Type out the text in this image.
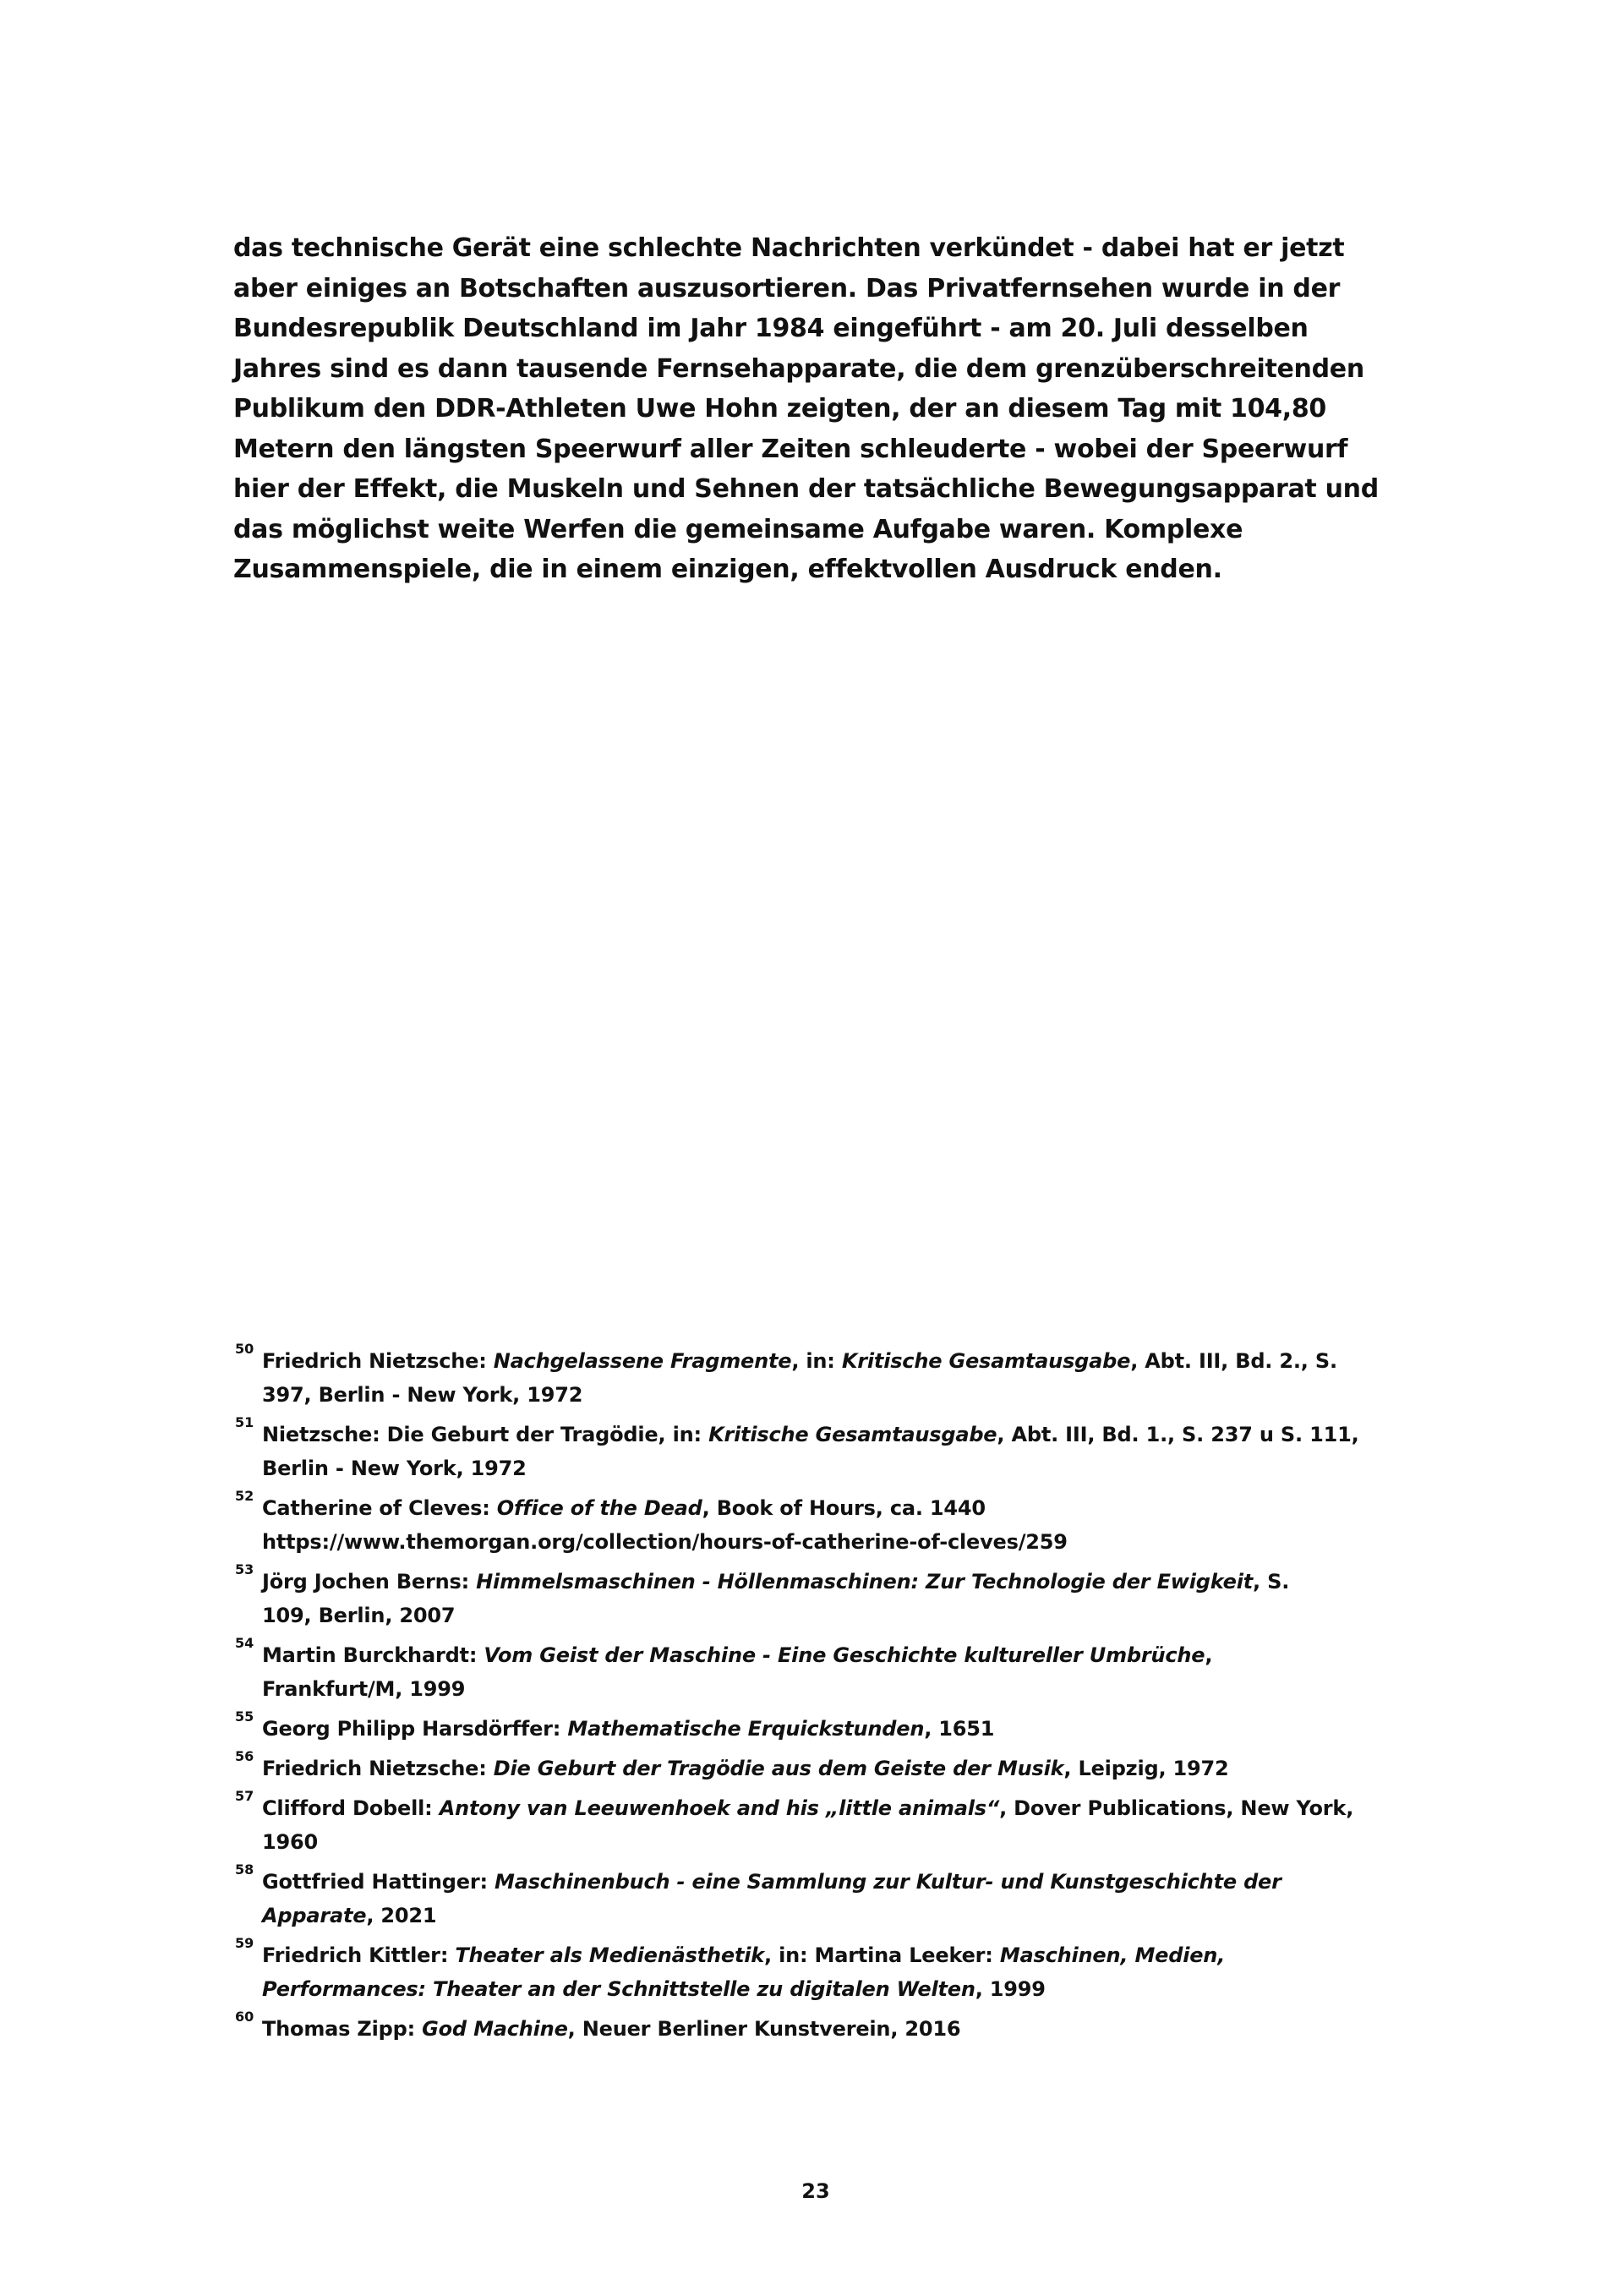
das technische Gerät eine schlechte Nachrichten verkündet - dabei hat er jetzt
aber einiges an Botschaften auszusortieren. Das Privatfernsehen wurde in der
Bundesrepublik Deutschland im Jahr 1984 eingeführt - am 20. Juli desselben
Jahres sind es dann tausende Fernsehapparate, die dem grenzüberschreitenden
Publikum den DDR-Athleten Uwe Hohn zeigten, der an diesem Tag mit 104,80
Metern den längsten Speerwurf aller Zeiten schleuderte - wobei der Speerwurf
hier der Effekt, die Muskeln und Sehnen der tatsächliche Bewegungsapparat und
das möglichst weite Werfen die gemeinsame Aufgabe waren. Komplexe
Zusammenspiele, die in einem einzigen, effektvollen Ausdruck enden.
50
Friedrich Nietzsche: Nachgelassene Fragmente, in: Kritische Gesamtausgabe, Abt. III, Bd. 2., S.
397, Berlin - New York, 1972
51
Nietzsche: Die Geburt der Tragödie, in: Kritische Gesamtausgabe, Abt. III, Bd. 1., S. 237 u S. 111,
Berlin - New York, 1972
52
Catherine of Cleves: Office of the Dead, Book of Hours, ca. 1440
https://www.themorgan.org/collection/hours-of-catherine-of-cleves/259
53
Jörg Jochen Berns: Himmelsmaschinen - Höllenmaschinen: Zur Technologie der Ewigkeit, S.
109, Berlin, 2007
54
Martin Burckhardt: Vom Geist der Maschine - Eine Geschichte kultureller Umbrüche,
Frankfurt/M, 1999
55
Georg Philipp Harsdörffer: Mathematische Erquickstunden, 1651
56
Friedrich Nietzsche: Die Geburt der Tragödie aus dem Geiste der Musik, Leipzig, 1972
57
Clifford Dobell: Antony van Leeuwenhoek and his „little animals“, Dover Publications, New York,
1960
58
Gottfried Hattinger: Maschinenbuch - eine Sammlung zur Kultur- und Kunstgeschichte der
Apparate, 2021
59
Friedrich Kittler: Theater als Medienästhetik, in: Martina Leeker: Maschinen, Medien,
Performances: Theater an der Schnittstelle zu digitalen Welten, 1999
60
Thomas Zipp: God Machine, Neuer Berliner Kunstverein, 2016
23
